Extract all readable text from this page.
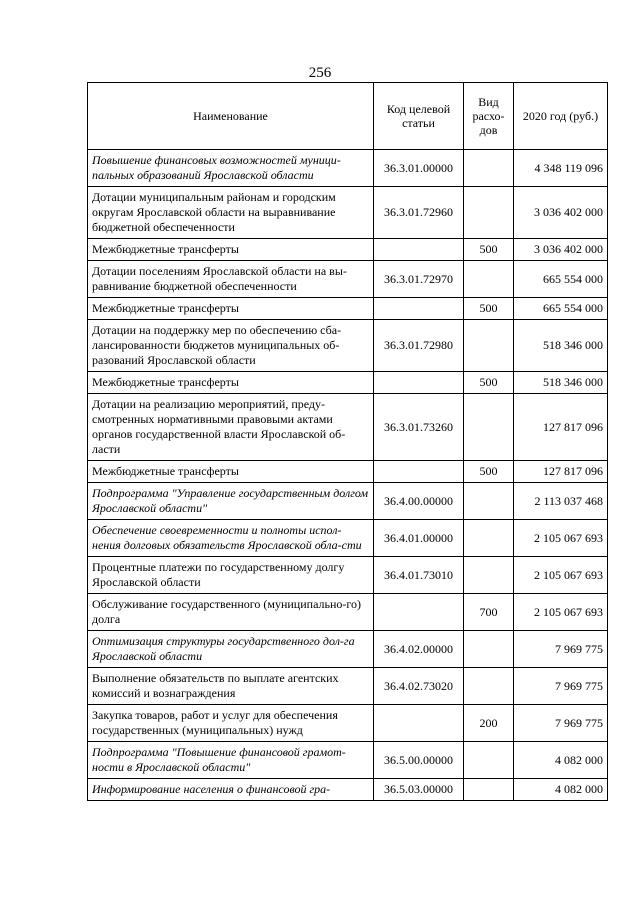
256
Наименование	Код целевой статьи	Вид расхо-дов	2020 год (руб.)
Повышение финансовых возможностей муници-пальных образований Ярославской области	36.3.01.00000		4 348 119 096
Дотации муниципальным районам и городским округам Ярославской области на выравнивание бюджетной обеспеченности	36.3.01.72960		3 036 402 000
Межбюджетные трансферты		500	3 036 402 000
Дотации поселениям Ярославской области на вы-равнивание бюджетной обеспеченности	36.3.01.72970		665 554 000
Межбюджетные трансферты		500	665 554 000
Дотации на поддержку мер по обеспечению сба-лансированности бюджетов муниципальных об-разований Ярославской области	36.3.01.72980		518 346 000
Межбюджетные трансферты		500	518 346 000
Дотации на реализацию мероприятий, преду-смотренных нормативными правовыми актами органов государственной власти Ярославской об-ласти	36.3.01.73260		127 817 096
Межбюджетные трансферты		500	127 817 096
Подпрограмма "Управление государственным долгом Ярославской области"	36.4.00.00000		2 113 037 468
Обеспечение своевременности и полноты испол-нения долговых обязательств Ярославской обла-сти	36.4.01.00000		2 105 067 693
Процентные платежи по государственному долгу Ярославской области	36.4.01.73010		2 105 067 693
Обслуживание государственного (муниципально-го) долга		700	2 105 067 693
Оптимизация структуры государственного дол-га Ярославской области	36.4.02.00000		7 969 775
Выполнение обязательств по выплате агентских комиссий и вознаграждения	36.4.02.73020		7 969 775
Закупка товаров, работ и услуг для обеспечения государственных (муниципальных) нужд		200	7 969 775
Подпрограмма "Повышение финансовой грамот-ности в Ярославской области"	36.5.00.00000		4 082 000
Информирование населения о финансовой гра-	36.5.03.00000		4 082 000
